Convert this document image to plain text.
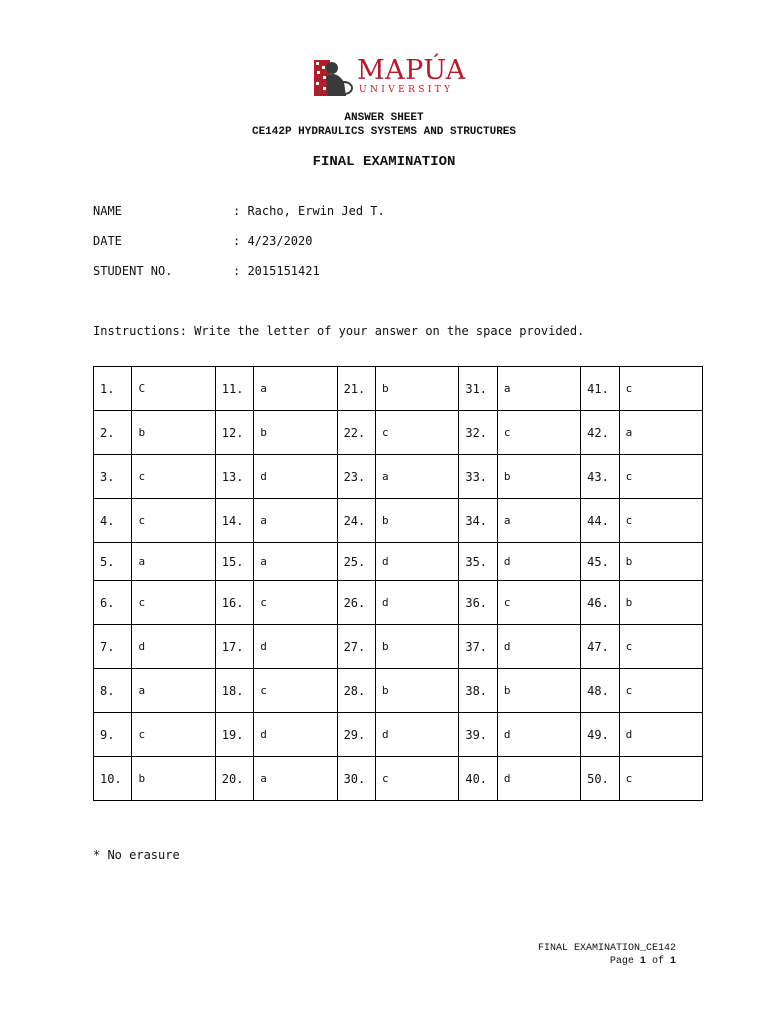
MAPÚA
UNIVERSITY
ANSWER SHEET
CE142P HYDRAULICS SYSTEMS AND STRUCTURES
FINAL EXAMINATION
NAME	: Racho, Erwin Jed T.
DATE	: 4/23/2020
STUDENT NO.	: 2015151421
Instructions: Write the letter of your answer on the space provided.
1.	C	11.	a	21.	b	31.	a	41.	c
2.	b	12.	b	22.	c	32.	c	42.	a
3.	c	13.	d	23.	a	33.	b	43.	c
4.	c	14.	a	24.	b	34.	a	44.	c
5.	a	15.	a	25.	d	35.	d	45.	b
6.	c	16.	c	26.	d	36.	c	46.	b
7.	d	17.	d	27.	b	37.	d	47.	c
8.	a	18.	c	28.	b	38.	b	48.	c
9.	c	19.	d	29.	d	39.	d	49.	d
10.	b	20.	a	30.	c	40.	d	50.	c
* No erasure
FINAL EXAMINATION_CE142
Page 1 of 1
